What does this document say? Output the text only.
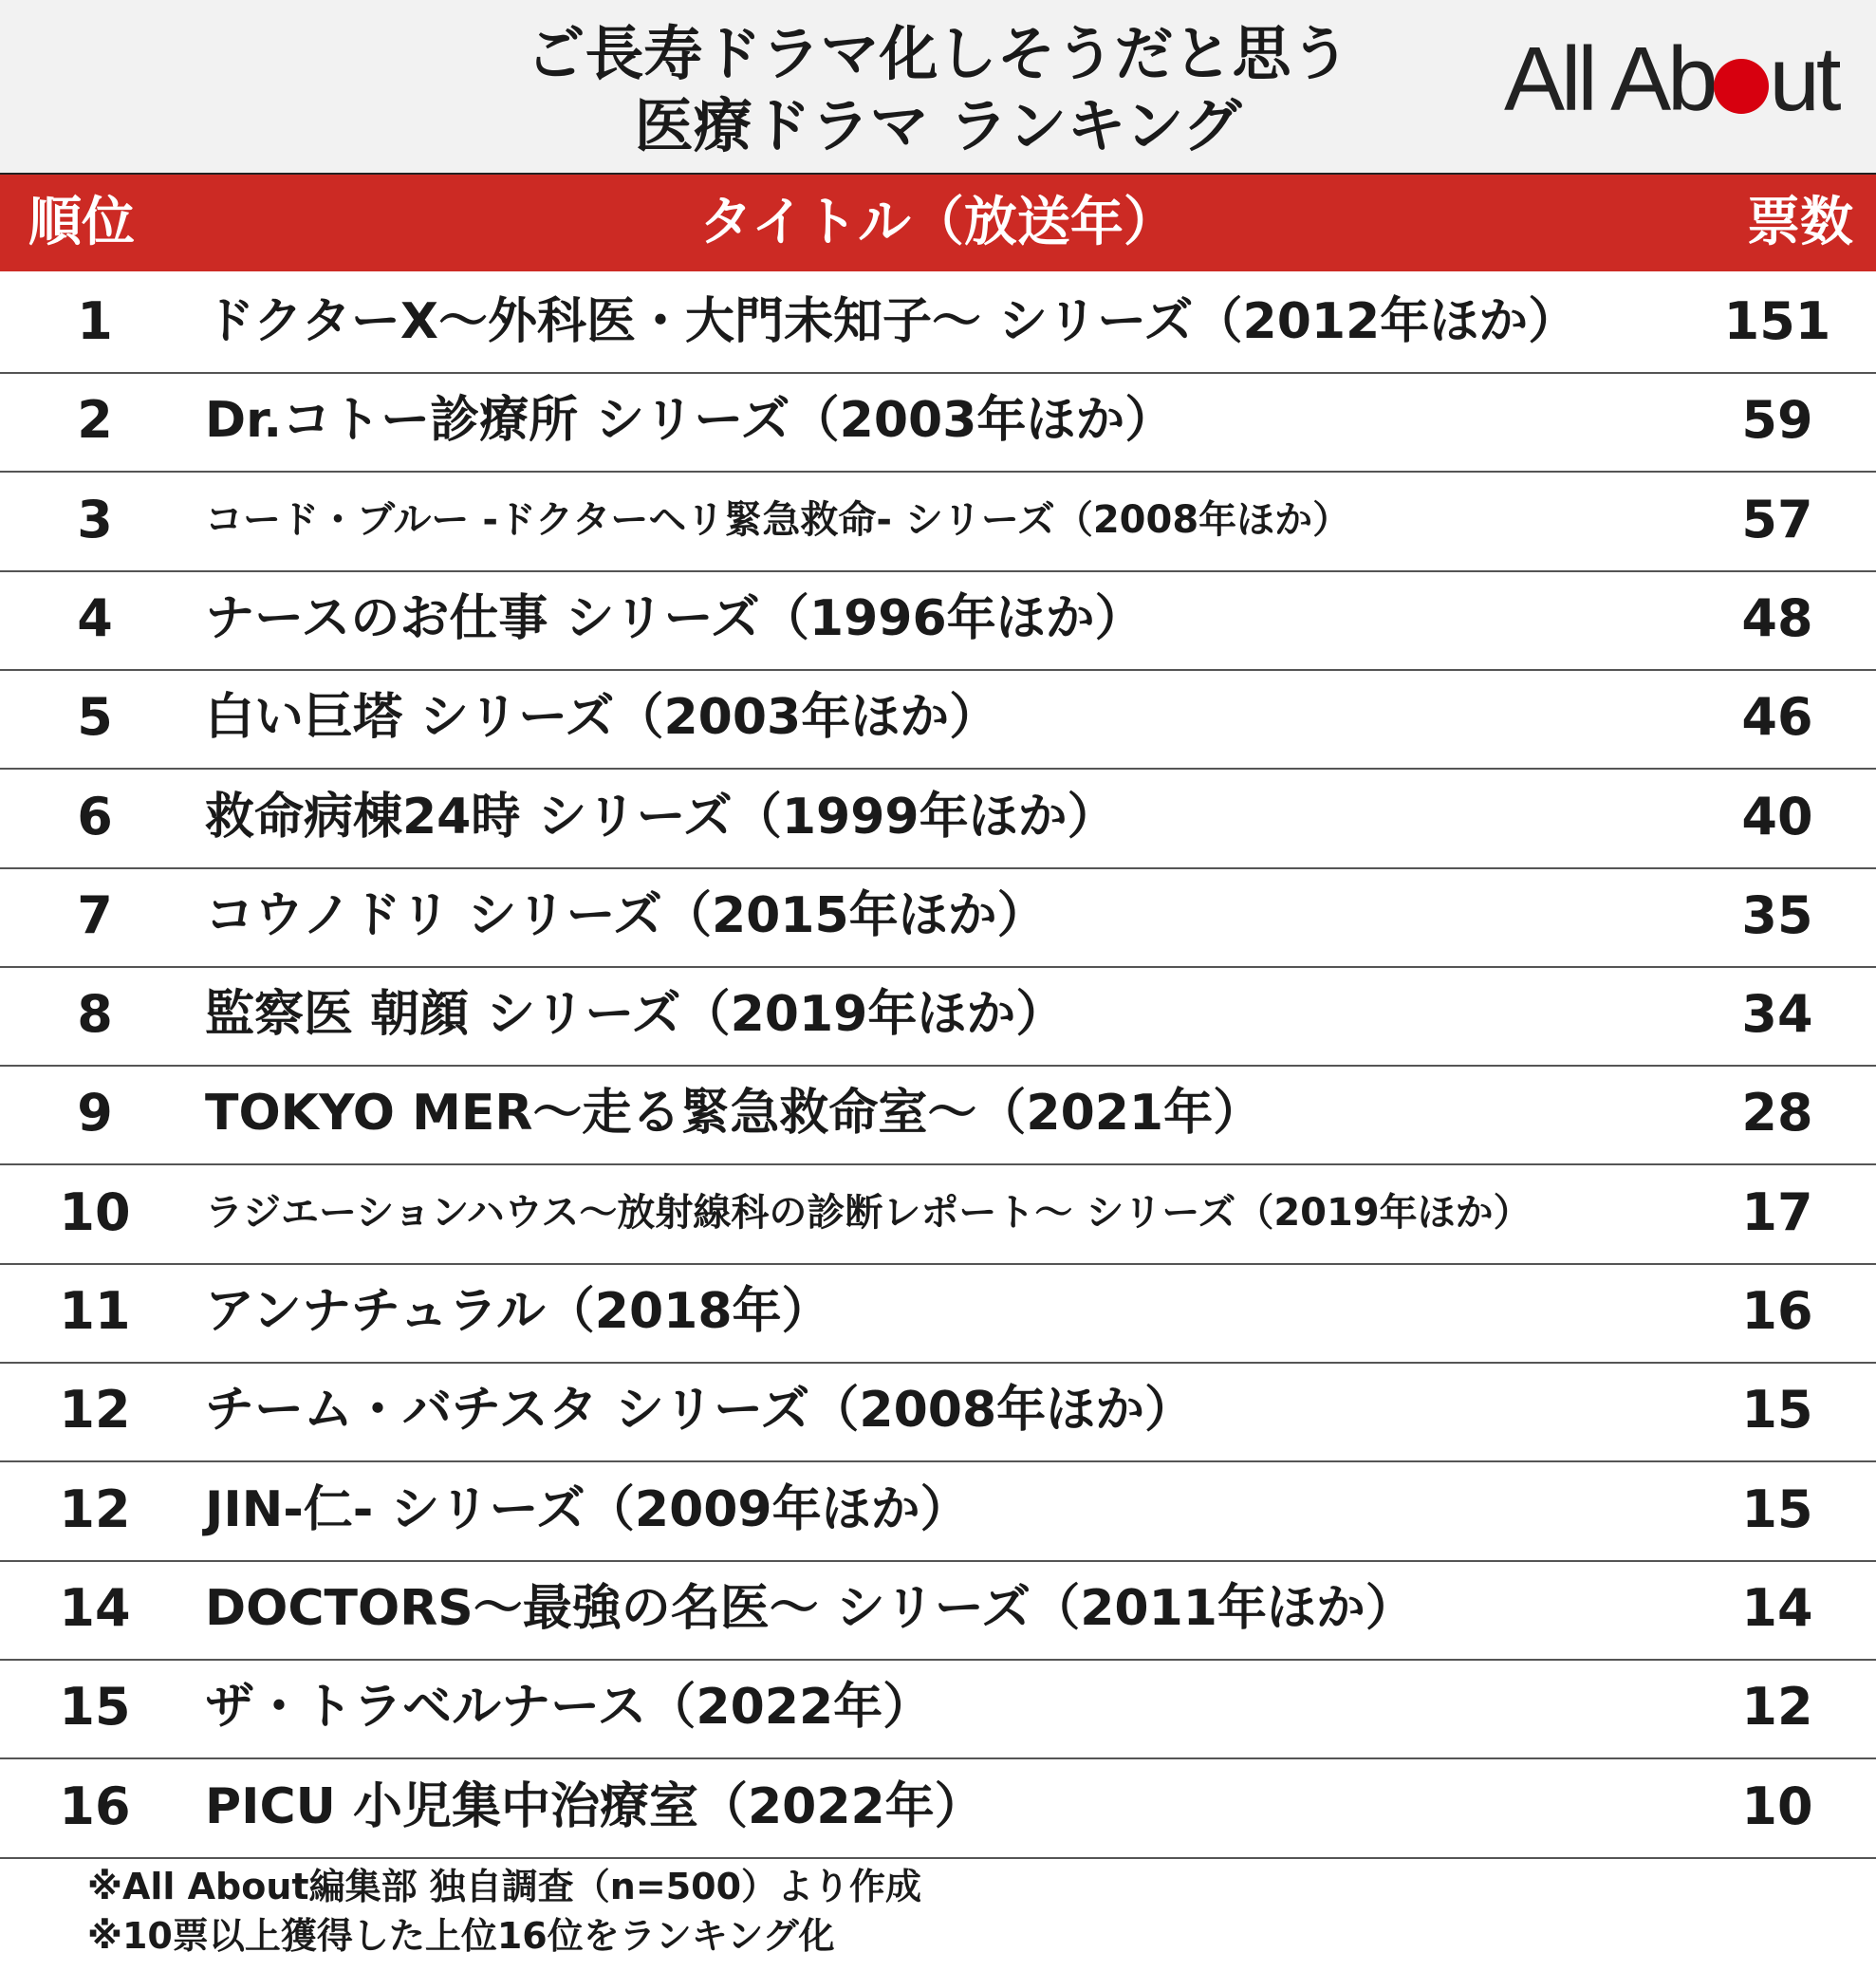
ご長寿ドラマ化しそうだと思う
医療ドラマ ランキング	All Ab ut
順位	タイトル（放送年）	票数
1	ドクターX～外科医・大門未知子～ シリーズ（2012年ほか）	151
2	Dr.コトー診療所 シリーズ（2003年ほか）	59
3	コード・ブルー -ドクターヘリ緊急救命- シリーズ（2008年ほか）	57
4	ナースのお仕事 シリーズ（1996年ほか）	48
5	白い巨塔 シリーズ（2003年ほか）	46
6	救命病棟24時 シリーズ（1999年ほか）	40
7	コウノドリ シリーズ（2015年ほか）	35
8	監察医 朝顔 シリーズ（2019年ほか）	34
9	TOKYO MER～走る緊急救命室～（2021年）	28
10	ラジエーションハウス～放射線科の診断レポート～ シリーズ（2019年ほか）	17
11	アンナチュラル（2018年）	16
12	チーム・バチスタ シリーズ（2008年ほか）	15
12	JIN-仁- シリーズ（2009年ほか）	15
14	DOCTORS～最強の名医～ シリーズ（2011年ほか）	14
15	ザ・トラベルナース（2022年）	12
16	PICU 小児集中治療室（2022年）	10
※All About編集部 独自調査（n=500）より作成
※10票以上獲得した上位16位をランキング化
